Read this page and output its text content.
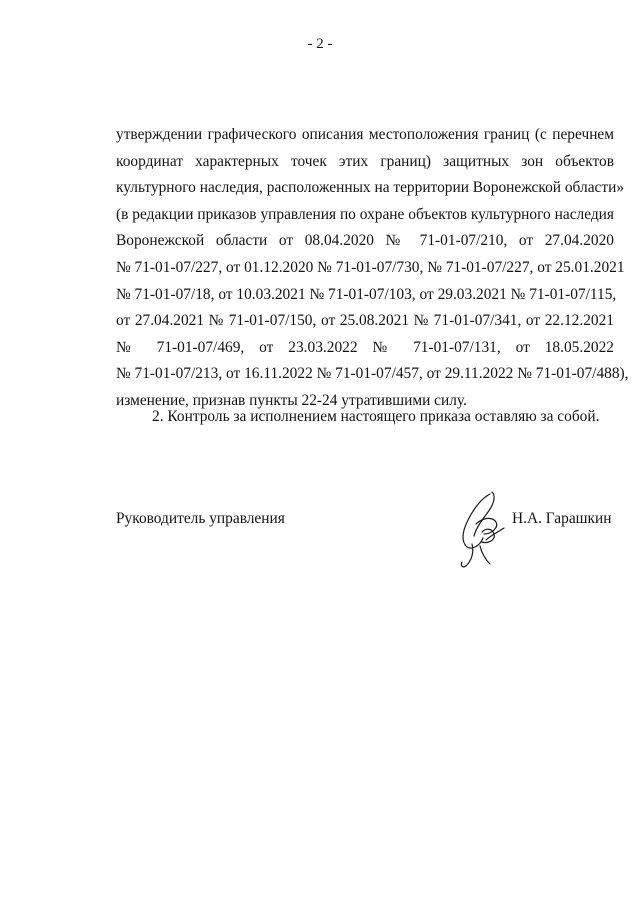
- 2 -
утверждении графического описания местоположения границ (с перечнем
координат характерных точек этих границ) защитных зон объектов
культурного наследия, расположенных на территории Воронежской области»
(в редакции приказов управления по охране объектов культурного наследия
Воронежской области от 08.04.2020 № 71-01-07/210, от 27.04.2020
№ 71-01-07/227, от 01.12.2020 № 71-01-07/730, № 71-01-07/227, от 25.01.2021
№ 71-01-07/18, от 10.03.2021 № 71-01-07/103, от 29.03.2021 № 71-01-07/115,
от 27.04.2021 № 71-01-07/150, от 25.08.2021 № 71-01-07/341, от 22.12.2021
№ 71-01-07/469, от 23.03.2022 № 71-01-07/131, от 18.05.2022
№ 71-01-07/213, от 16.11.2022 № 71-01-07/457, от 29.11.2022 № 71-01-07/488),
изменение, признав пункты 22-24 утратившими силу.
2. Контроль за исполнением настоящего приказа оставляю за собой.
Руководитель управления	Н.А. Гарашкин
